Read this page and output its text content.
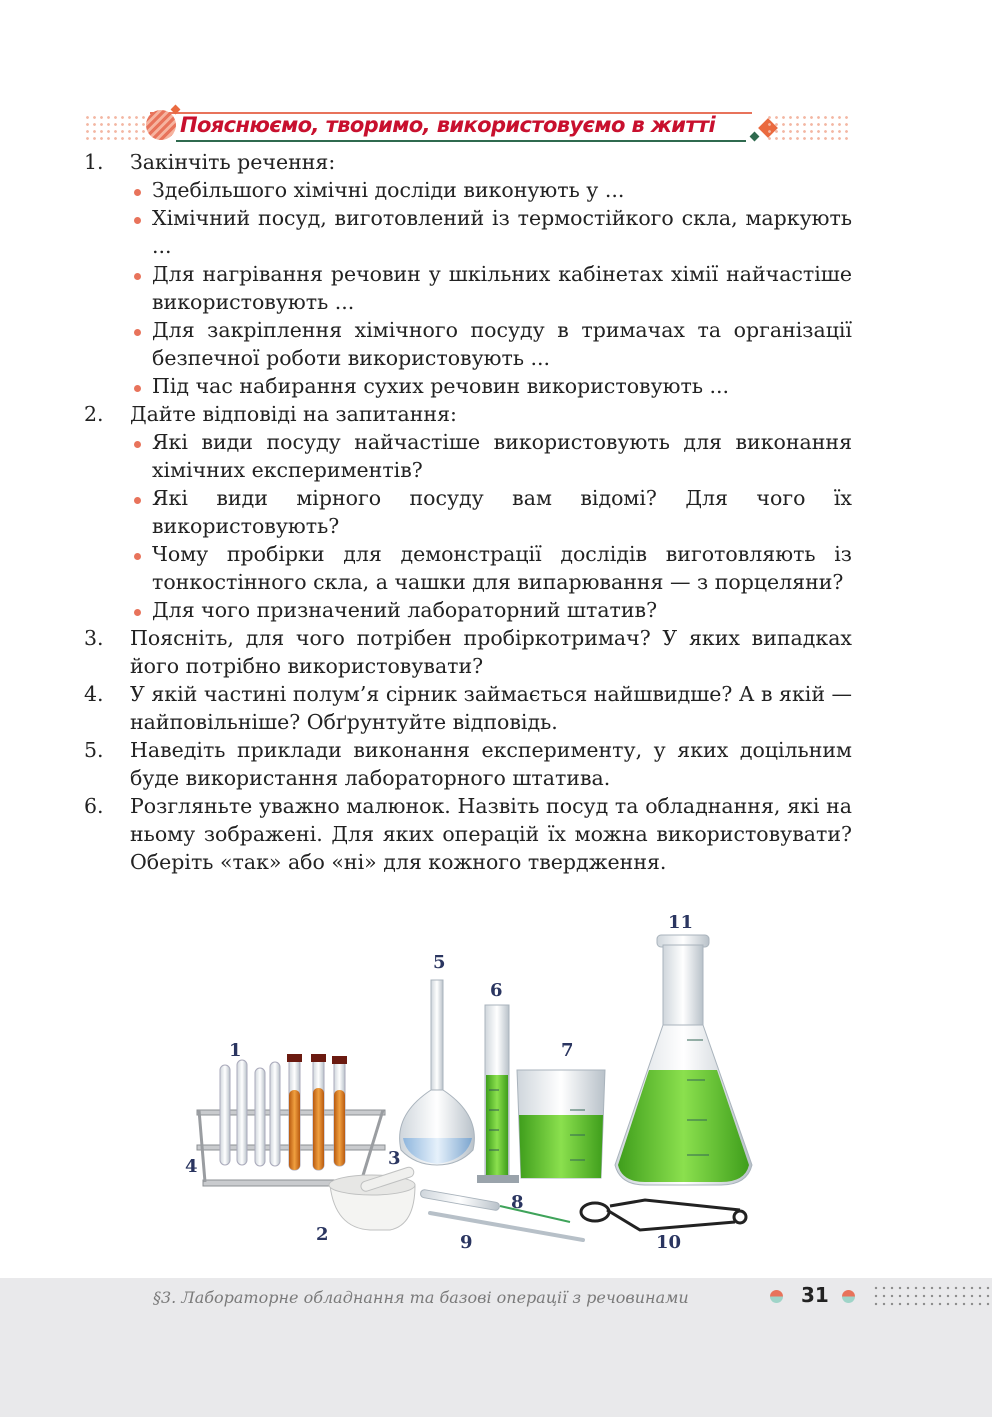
Пояснюємо, творимо, використовуємо в житті
1.	Закінчіть речення:
Здебільшого хімічні досліди виконують у ...
Хімічний посуд, виготовлений із термостійкого скла, маркують ...
Для нагрівання речовин у шкільних кабінетах хімії найчастіше використовують ...
Для закріплення хімічного посуду в тримачах та організації безпечної роботи використовують ...
Під час набирання сухих речовин використовують ...
2.	Дайте відповіді на запитання:
Які види посуду найчастіше використовують для виконання хімічних експериментів?
Які види мірного посуду вам відомі? Для чого їх використовують?
Чому пробірки для демонстрації дослідів виготовляють із тонкостінного скла, а чашки для випарювання — з порцеляни?
Для чого призначений лабораторний штатив?
3.	Поясніть, для чого потрібен пробіркотримач? У яких випадках його потрібно використовувати?
4.	У якій частині полум’я сірник займається найшвидше? А в якій — найповільніше? Обґрунтуйте відповідь.
5.	Наведіть приклади виконання експерименту, у яких доцільним буде використання лабораторного штатива.
6.	Розгляньте уважно малюнок. Назвіть посуд та обладнання, які на ньому зображені. Для яких операцій їх можна використовувати? Оберіть «так» або «ні» для кожного твердження.
1
2
3
4
5
6
7
8
9	10
11
§3. Лабораторне обладнання та базові операції з речовинами	31
